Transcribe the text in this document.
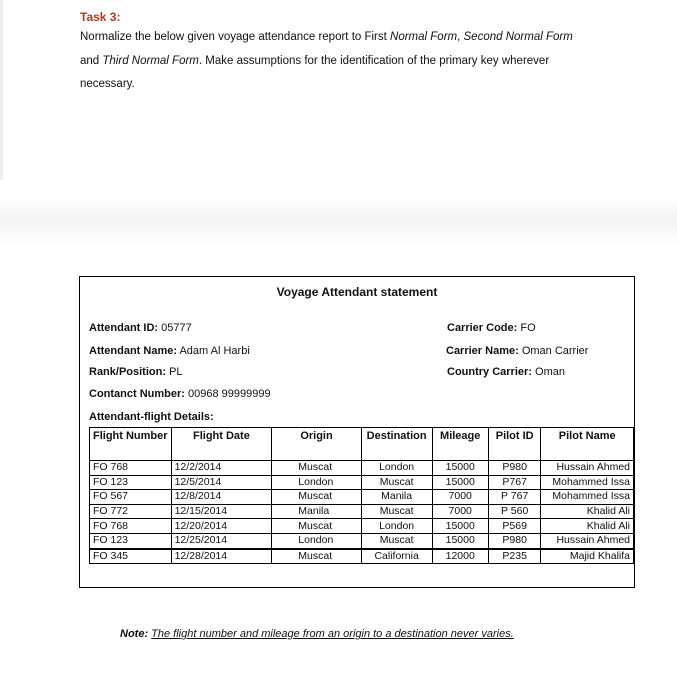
Task 3:
Normalize the below given voyage attendance report to First Normal Form, Second Normal Form
and Third Normal Form. Make assumptions for the identification of the primary key wherever
necessary.
Voyage Attendant statement
Attendant ID: 05777
Attendant Name: Adam Al Harbi
Rank/Position: PL
Contanct Number: 00968 99999999
Carrier Code: FO
Carrier Name: Oman Carrier
Country Carrier: Oman
Attendant-flight Details:
Flight Number	Flight Date	Origin	Destination	Mileage	Pilot ID	Pilot Name
FO 768	12/2/2014	Muscat	London	15000	P980	Hussain Ahmed
FO 123	12/5/2014	London	Muscat	15000	P767	Mohammed Issa
FO 567	12/8/2014	Muscat	Manila	7000	P 767	Mohammed Issa
FO 772	12/15/2014	Manila	Muscat	7000	P 560	Khalid Ali
FO 768	12/20/2014	Muscat	London	15000	P569	Khalid Ali
FO 123	12/25/2014	London	Muscat	15000	P980	Hussain Ahmed
FO 345	12/28/2014	Muscat	California	12000	P235	Majid Khalifa
Note: The flight number and mileage from an origin to a destination never varies.
